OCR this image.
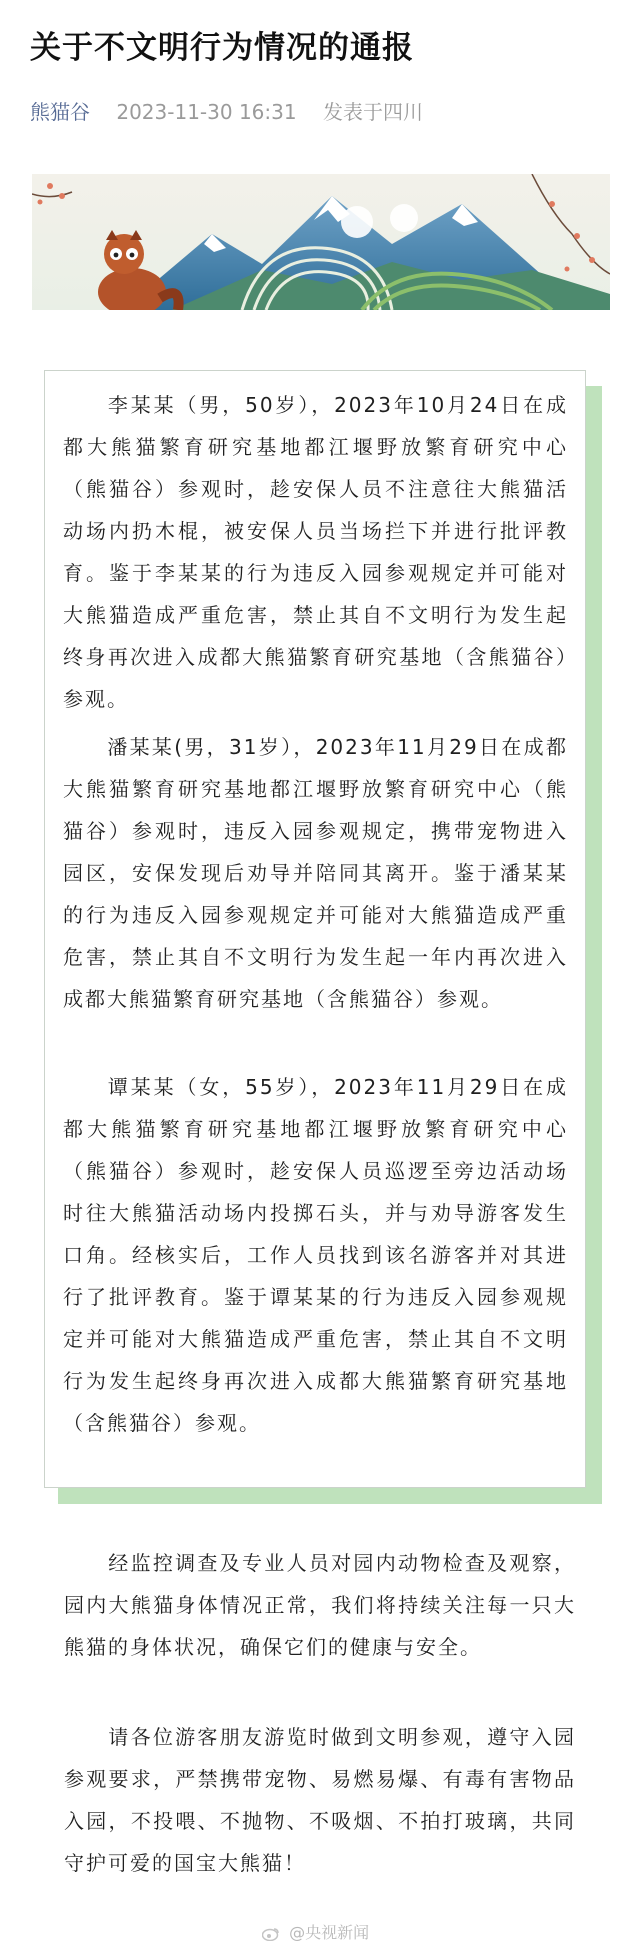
关于不文明行为情况的通报
熊猫谷 2023-11-30 16:31 发表于四川

李某某（男，50岁），2023年10月24日在成都大熊猫繁育研究基地都江堰野放繁育研究中心（熊猫谷）参观时，趁安保人员不注意往大熊猫活动场内扔木棍，被安保人员当场拦下并进行批评教育。鉴于李某某的行为违反入园参观规定并可能对大熊猫造成严重危害，禁止其自不文明行为发生起终身再次进入成都大熊猫繁育研究基地（含熊猫谷）参观。

潘某某(男，31岁），2023年11月29日在成都大熊猫繁育研究基地都江堰野放繁育研究中心（熊猫谷）参观时，违反入园参观规定，携带宠物进入园区，安保发现后劝导并陪同其离开。鉴于潘某某的行为违反入园参观规定并可能对大熊猫造成严重危害，禁止其自不文明行为发生起一年内再次进入成都大熊猫繁育研究基地（含熊猫谷）参观。

谭某某（女，55岁），2023年11月29日在成都大熊猫繁育研究基地都江堰野放繁育研究中心（熊猫谷）参观时，趁安保人员巡逻至旁边活动场时往大熊猫活动场内投掷石头，并与劝导游客发生口角。经核实后，工作人员找到该名游客并对其进行了批评教育。鉴于谭某某的行为违反入园参观规定并可能对大熊猫造成严重危害，禁止其自不文明行为发生起终身再次进入成都大熊猫繁育研究基地（含熊猫谷）参观。

经监控调查及专业人员对园内动物检查及观察，园内大熊猫身体情况正常，我们将持续关注每一只大熊猫的身体状况，确保它们的健康与安全。

请各位游客朋友游览时做到文明参观，遵守入园参观要求，严禁携带宠物、易燃易爆、有毒有害物品入园，不投喂、不抛物、不吸烟、不拍打玻璃，共同守护可爱的国宝大熊猫！

@央视新闻
